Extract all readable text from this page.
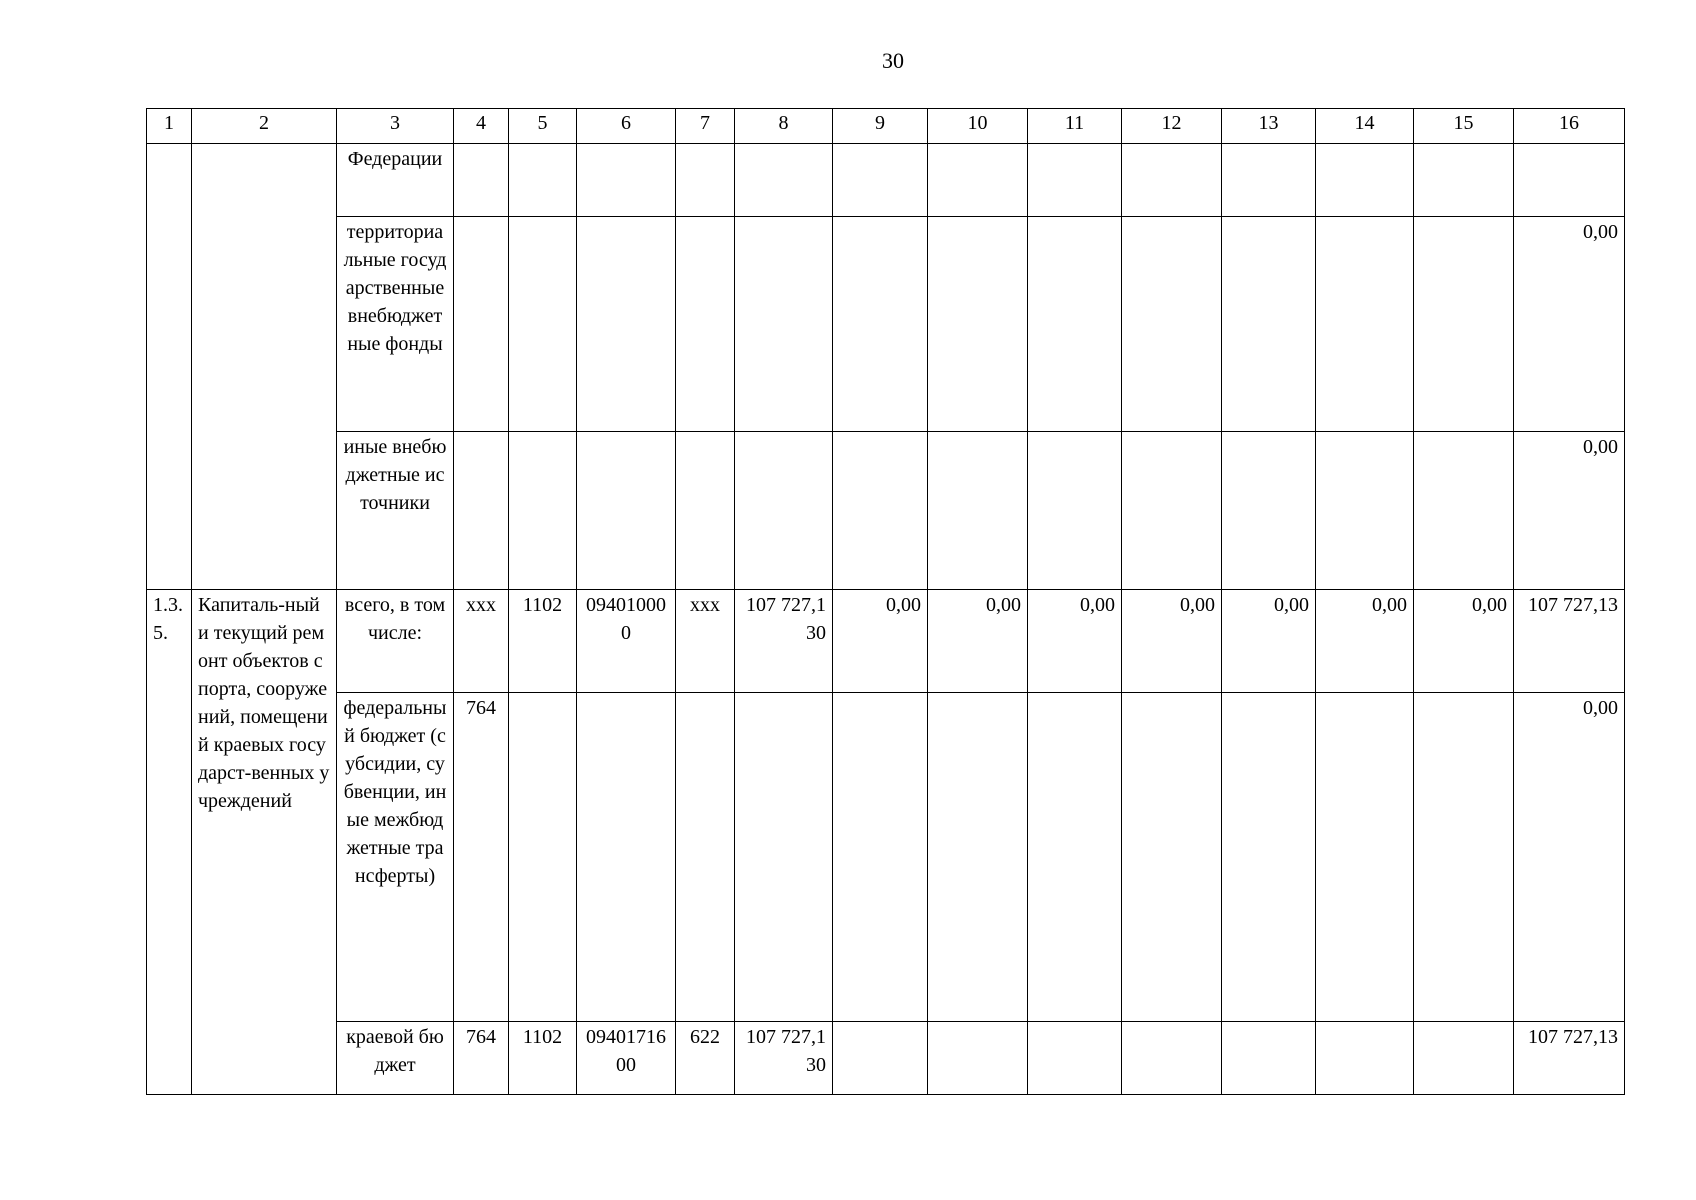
30
1	2	3	4	5	6	7	8	9	10	11	12	13	14	15	16
		Федерации													
		территориальные государственные внебюджетные фонды													0,00
		иные внебюджетные источники													0,00
1.3.5.	Капиталь-ный и текущий ремонт объектов спорта, сооружений, помещений краевых государст-венных учреждений	всего, в том числе:	ххх	1102	094010000	ххх	107 727,130	0,00	0,00	0,00	0,00	0,00	0,00	0,00	107 727,13
		федеральный бюджет (субсидии, субвенции, иные межбюджетные трансферты)	764												0,00
		краевой бюджет	764	1102	0940171600	622	107 727,130								107 727,13
